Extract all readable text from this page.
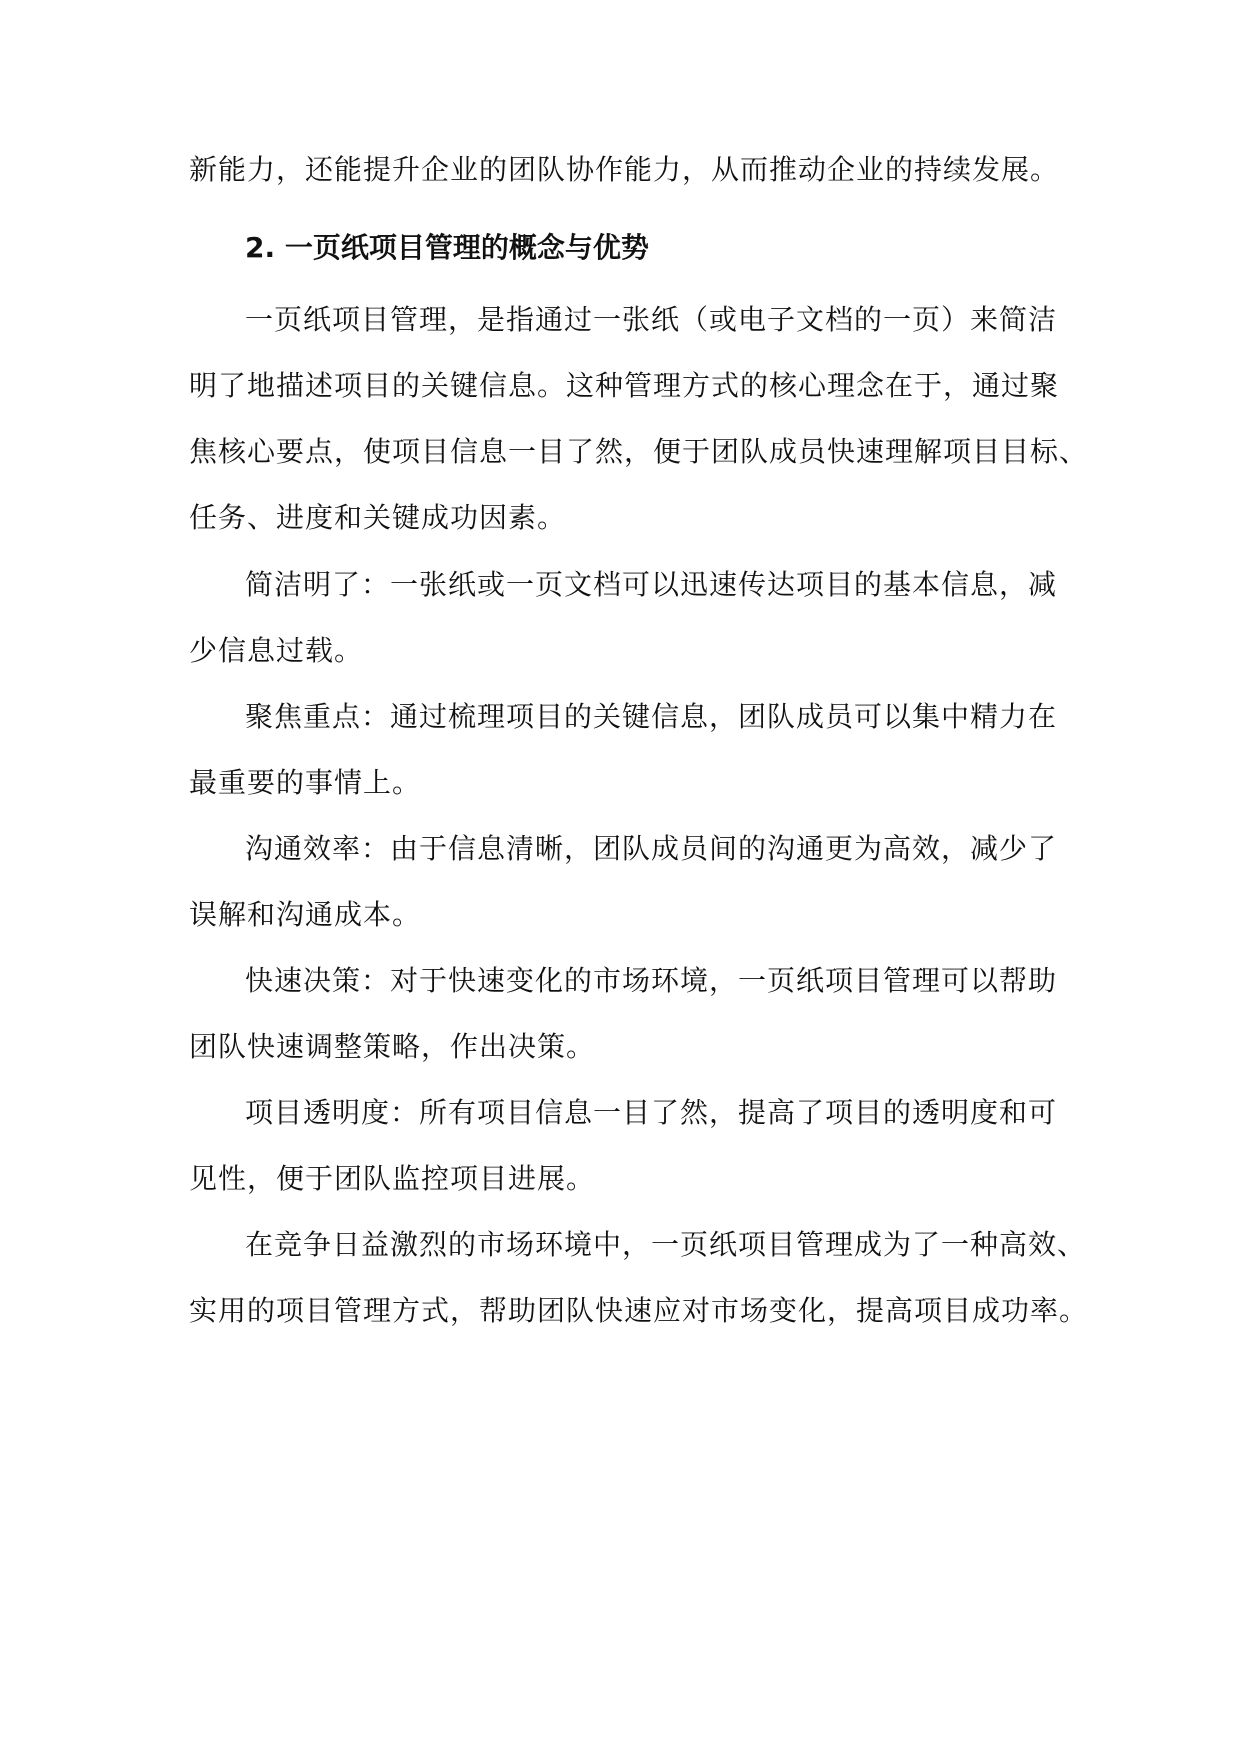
新能力，还能提升企业的团队协作能力，从而推动企业的持续发展。
2. 一页纸项目管理的概念与优势
一页纸项目管理，是指通过一张纸（或电子文档的一页）来简洁
明了地描述项目的关键信息。这种管理方式的核心理念在于，通过聚
焦核心要点，使项目信息一目了然，便于团队成员快速理解项目目标、
任务、进度和关键成功因素。
简洁明了：一张纸或一页文档可以迅速传达项目的基本信息，减
少信息过载。
聚焦重点：通过梳理项目的关键信息，团队成员可以集中精力在
最重要的事情上。
沟通效率：由于信息清晰，团队成员间的沟通更为高效，减少了
误解和沟通成本。
快速决策：对于快速变化的市场环境，一页纸项目管理可以帮助
团队快速调整策略，作出决策。
项目透明度：所有项目信息一目了然，提高了项目的透明度和可
见性，便于团队监控项目进展。
在竞争日益激烈的市场环境中，一页纸项目管理成为了一种高效、
实用的项目管理方式，帮助团队快速应对市场变化，提高项目成功率。
